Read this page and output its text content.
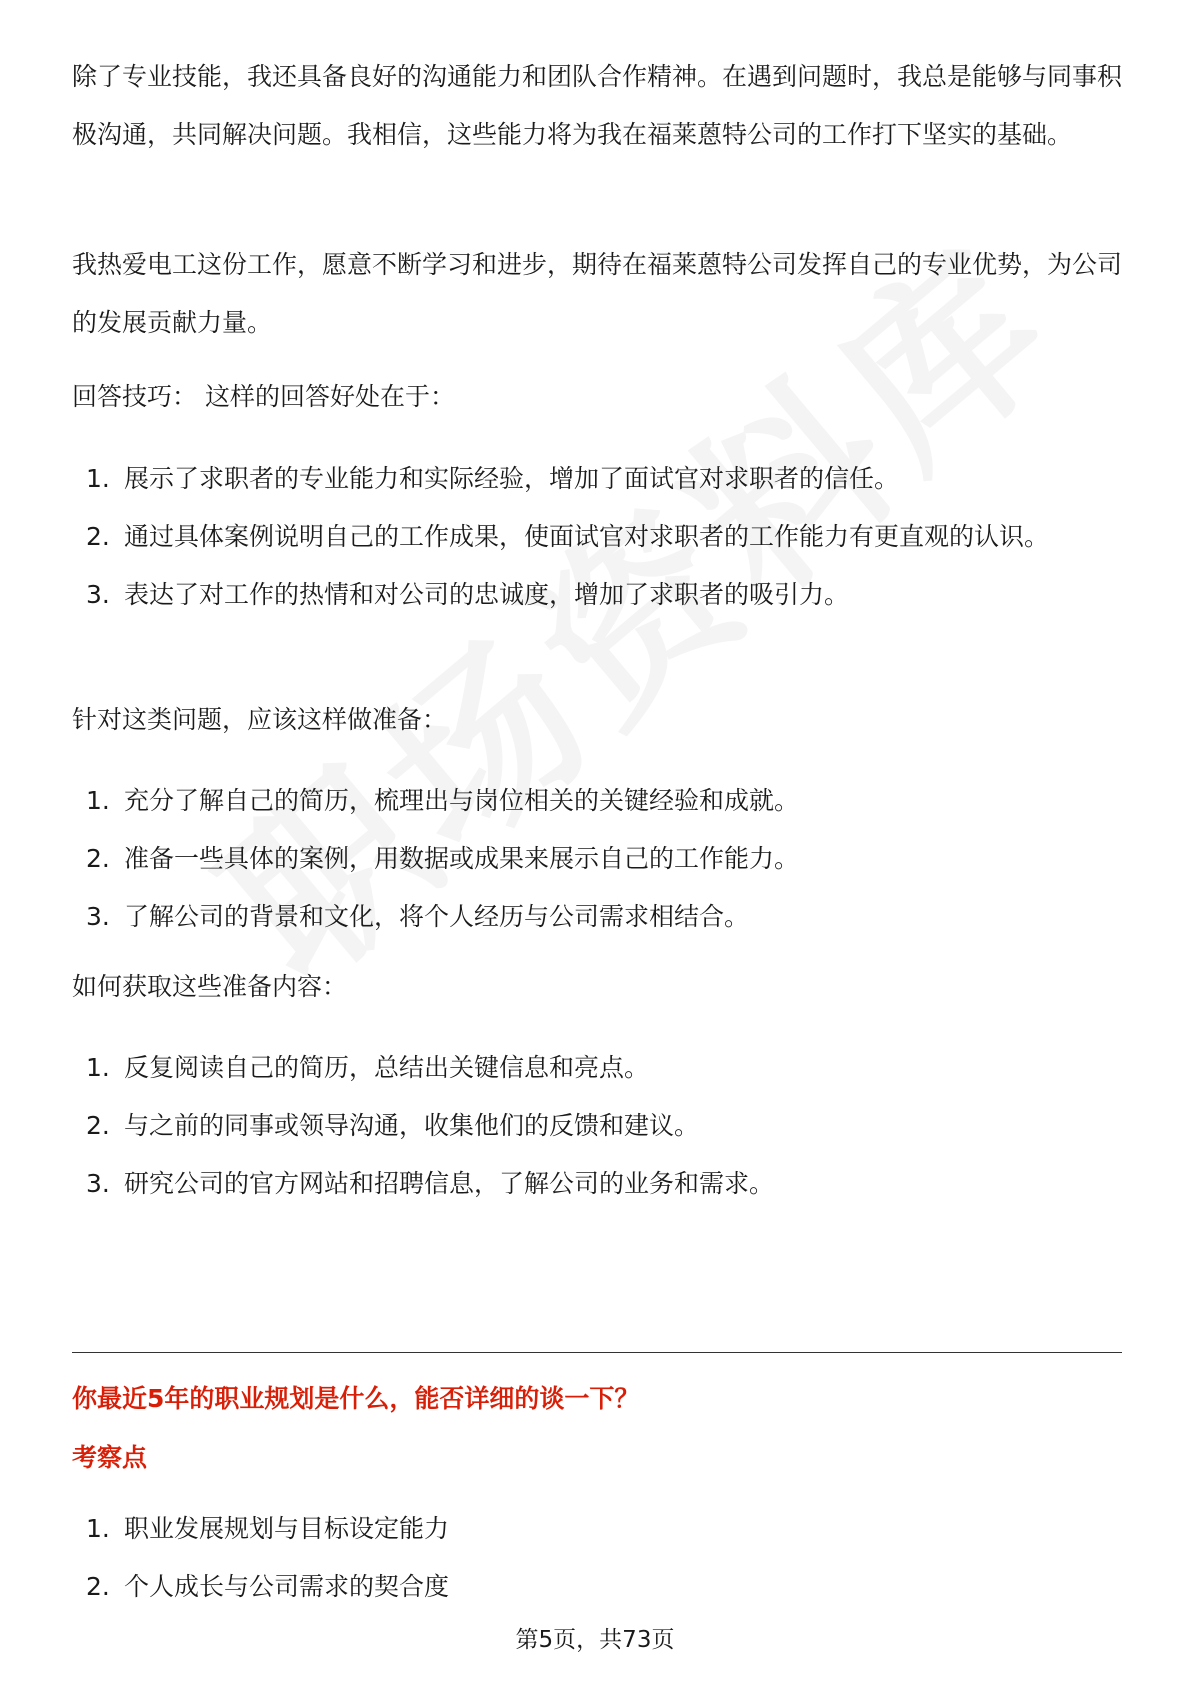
除了专业技能，我还具备良好的沟通能力和团队合作精神。在遇到问题时，我总是能够与同事积极沟通，共同解决问题。我相信，这些能力将为我在福莱蒽特公司的工作打下坚实的基础。

我热爱电工这份工作，愿意不断学习和进步，期待在福莱蒽特公司发挥自己的专业优势，为公司的发展贡献力量。

回答技巧： 这样的回答好处在于：

1. 展示了求职者的专业能力和实际经验，增加了面试官对求职者的信任。
2. 通过具体案例说明自己的工作成果，使面试官对求职者的工作能力有更直观的认识。
3. 表达了对工作的热情和对公司的忠诚度，增加了求职者的吸引力。

针对这类问题，应该这样做准备：

1. 充分了解自己的简历，梳理出与岗位相关的关键经验和成就。
2. 准备一些具体的案例，用数据或成果来展示自己的工作能力。
3. 了解公司的背景和文化，将个人经历与公司需求相结合。

如何获取这些准备内容：

1. 反复阅读自己的简历，总结出关键信息和亮点。
2. 与之前的同事或领导沟通，收集他们的反馈和建议。
3. 研究公司的官方网站和招聘信息，了解公司的业务和需求。
你最近5年的职业规划是什么，能否详细的谈一下？
考察点
1. 职业发展规划与目标设定能力
2. 个人成长与公司需求的契合度
第5页，共73页
